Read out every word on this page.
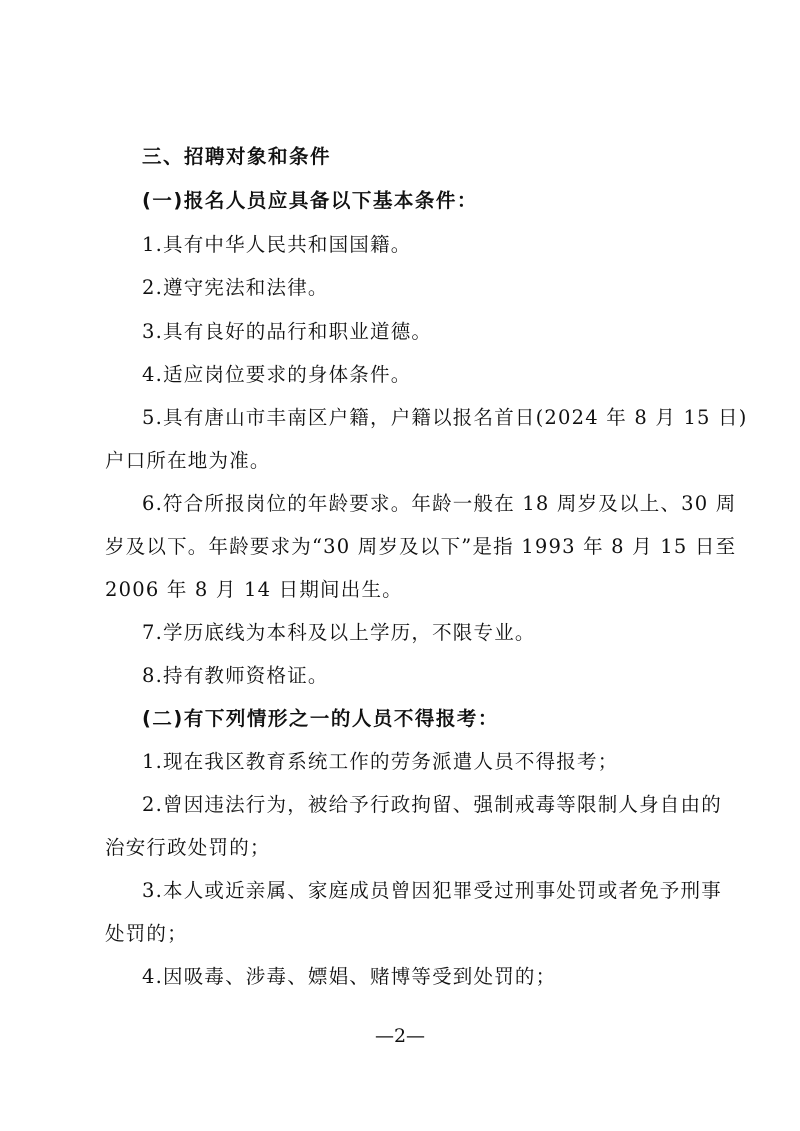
三、招聘对象和条件
(一)报名人员应具备以下基本条件：
1.具有中华人民共和国国籍。
2.遵守宪法和法律。
3.具有良好的品行和职业道德。
4.适应岗位要求的身体条件。
5.具有唐山市丰南区户籍，户籍以报名首日(2024 年 8 月 15 日)
户口所在地为准。
6.符合所报岗位的年龄要求。年龄一般在 18 周岁及以上、30 周
岁及以下。年龄要求为“30 周岁及以下”是指 1993 年 8 月 15 日至
2006 年 8 月 14 日期间出生。
7.学历底线为本科及以上学历，不限专业。
8.持有教师资格证。
(二)有下列情形之一的人员不得报考：
1.现在我区教育系统工作的劳务派遣人员不得报考；
2.曾因违法行为，被给予行政拘留、强制戒毒等限制人身自由的
治安行政处罚的；
3.本人或近亲属、家庭成员曾因犯罪受过刑事处罚或者免予刑事
处罚的；
4.因吸毒、涉毒、嫖娼、赌博等受到处罚的；
—2—
